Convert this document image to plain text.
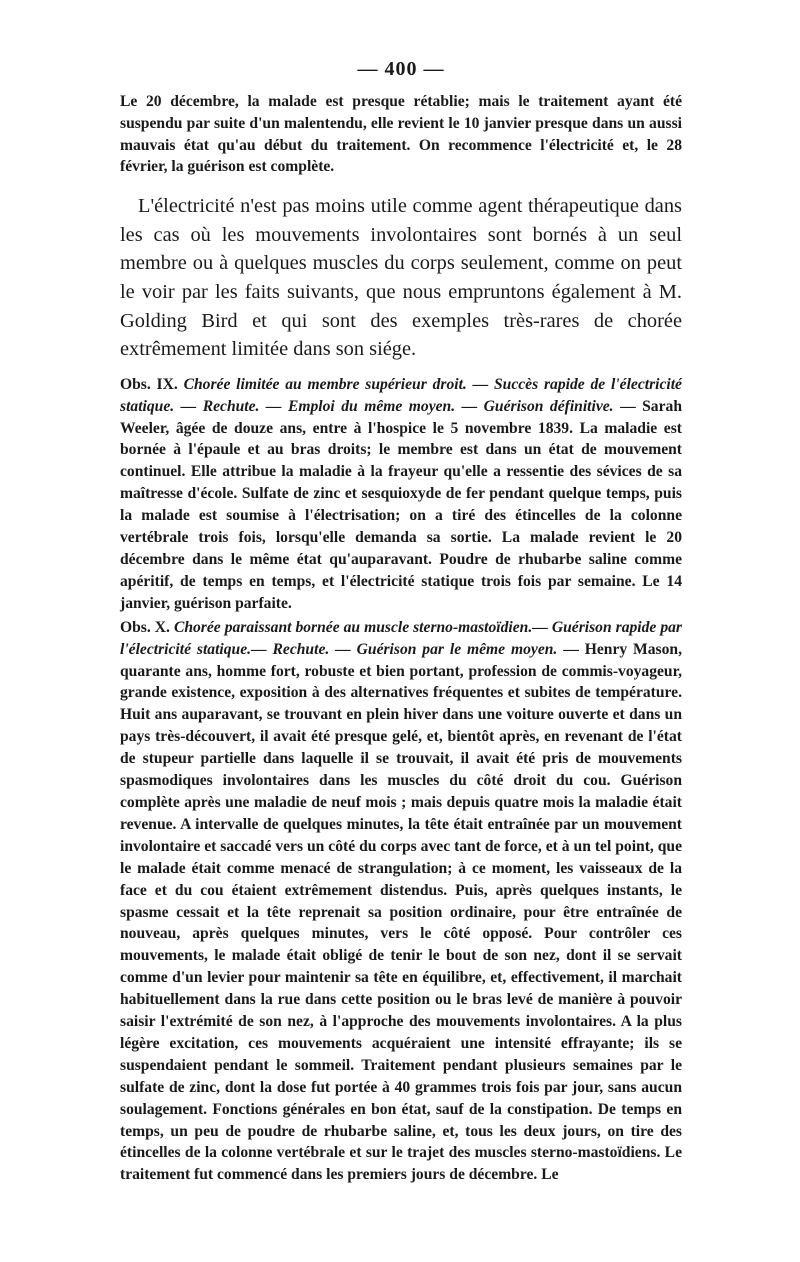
— 400 —

Le 20 décembre, la malade est presque rétablie; mais le traitement ayant été suspendu par suite d'un malentendu, elle revient le 10 janvier presque dans un aussi mauvais état qu'au début du traitement. On recommence l'électricité et, le 28 février, la guérison est complète.

L'électricité n'est pas moins utile comme agent thérapeutique dans les cas où les mouvements involontaires sont bornés à un seul membre ou à quelques muscles du corps seulement, comme on peut le voir par les faits suivants, que nous empruntons également à M. Golding Bird et qui sont des exemples très-rares de chorée extrêmement limitée dans son siége.

Obs. IX. Chorée limitée au membre supérieur droit. — Succès rapide de l'électricité statique. — Rechute. — Emploi du même moyen. — Guérison définitive. — Sarah Weeler, âgée de douze ans, entre à l'hospice le 5 novembre 1839. La maladie est bornée à l'épaule et au bras droits; le membre est dans un état de mouvement continuel. Elle attribue la maladie à la frayeur qu'elle a ressentie des sévices de sa maîtresse d'école. Sulfate de zinc et sesquioxyde de fer pendant quelque temps, puis la malade est soumise à l'électrisation; on a tiré des étincelles de la colonne vertébrale trois fois, lorsqu'elle demanda sa sortie. La malade revient le 20 décembre dans le même état qu'auparavant. Poudre de rhubarbe saline comme apéritif, de temps en temps, et l'électricité statique trois fois par semaine. Le 14 janvier, guérison parfaite.

Obs. X. Chorée paraissant bornée au muscle sterno-mastoïdien.— Guérison rapide par l'électricité statique.— Rechute. — Guérison par le même moyen. — Henry Mason, quarante ans, homme fort, robuste et bien portant, profession de commis-voyageur, grande existence, exposition à des alternatives fréquentes et subites de température. Huit ans auparavant, se trouvant en plein hiver dans une voiture ouverte et dans un pays très-découvert, il avait été presque gelé, et, bientôt après, en revenant de l'état de stupeur partielle dans laquelle il se trouvait, il avait été pris de mouvements spasmodiques involontaires dans les muscles du côté droit du cou. Guérison complète après une maladie de neuf mois ; mais depuis quatre mois la maladie était revenue. A intervalle de quelques minutes, la tête était entraînée par un mouvement involontaire et saccadé vers un côté du corps avec tant de force, et à un tel point, que le malade était comme menacé de strangulation; à ce moment, les vaisseaux de la face et du cou étaient extrêmement distendus. Puis, après quelques instants, le spasme cessait et la tête reprenait sa position ordinaire, pour être entraînée de nouveau, après quelques minutes, vers le côté opposé. Pour contrôler ces mouvements, le malade était obligé de tenir le bout de son nez, dont il se servait comme d'un levier pour maintenir sa tête en équilibre, et, effectivement, il marchait habituellement dans la rue dans cette position ou le bras levé de manière à pouvoir saisir l'extrémité de son nez, à l'approche des mouvements involontaires. A la plus légère excitation, ces mouvements acquéraient une intensité effrayante; ils se suspendaient pendant le sommeil. Traitement pendant plusieurs semaines par le sulfate de zinc, dont la dose fut portée à 40 grammes trois fois par jour, sans aucun soulagement. Fonctions générales en bon état, sauf de la constipation. De temps en temps, un peu de poudre de rhubarbe saline, et, tous les deux jours, on tire des étincelles de la colonne vertébrale et sur le trajet des muscles sterno-mastoïdiens. Le traitement fut commencé dans les premiers jours de décembre. Le
